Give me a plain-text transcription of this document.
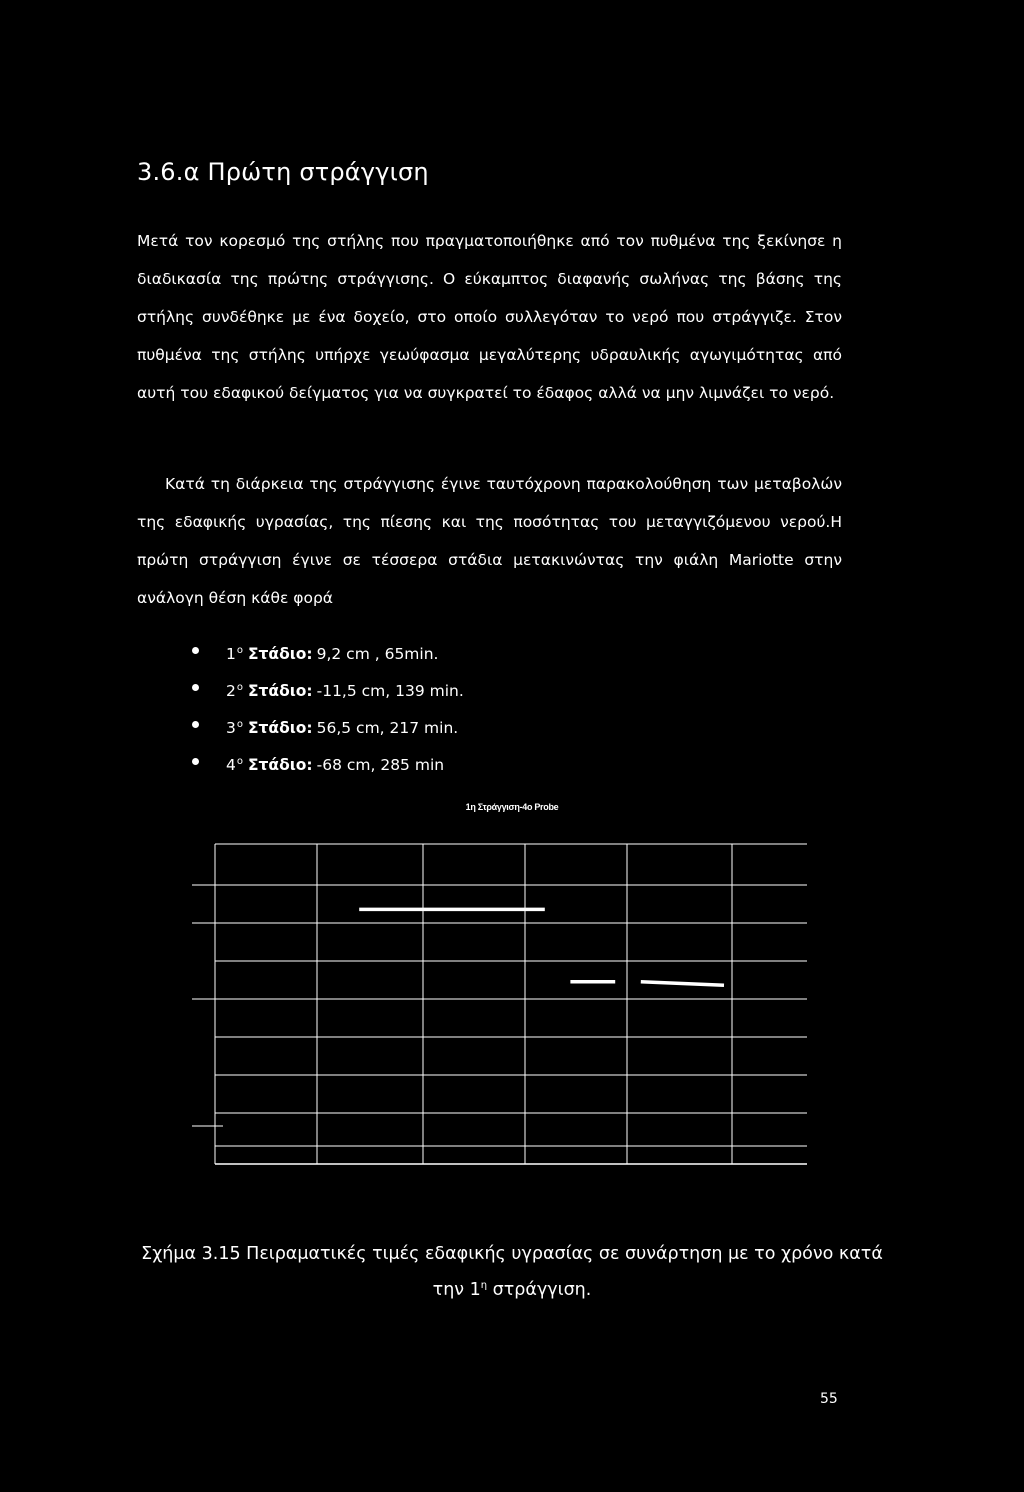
3.6.α Πρώτη στράγγιση

Μετά τον κορεσμό της στήλης που πραγματοποιήθηκε από τον πυθμένα της ξεκίνησε η διαδικασία της πρώτης στράγγισης. Ο εύκαμπτος διαφανής σωλήνας της βάσης της στήλης συνδέθηκε με ένα δοχείο, στο οποίο συλλεγόταν το νερό που στράγγιζε. Στον πυθμένα της στήλης υπήρχε γεωύφασμα μεγαλύτερης υδραυλικής αγωγιμότητας από αυτή του εδαφικού δείγματος για να συγκρατεί το έδαφος αλλά να μην λιμνάζει το νερό.

Κατά τη διάρκεια της στράγγισης έγινε ταυτόχρονη παρακολούθηση των μεταβολών της εδαφικής υγρασίας, της πίεσης και της ποσότητας του μεταγγιζόμενου νερού.Η πρώτη στράγγιση έγινε σε τέσσερα στάδια μετακινώντας την φιάλη Mariotte στην ανάλογη θέση κάθε φορά

$1^o$ Στάδιο: 9,2 cm , 65min.
$2^o$ Στάδιο: -11,5 cm, 139 min.
$3^o$ Στάδιο: 56,5 cm, 217 min.
$4^o$ Στάδιο: -68 cm, 285 min
1η Στράγγιση-4ο Probe

Σχήμα 3.15 Πειραματικές τιμές εδαφικής υγρασίας σε συνάρτηση με το χρόνο κατά

την $1^\eta$ στράγγιση.

55
